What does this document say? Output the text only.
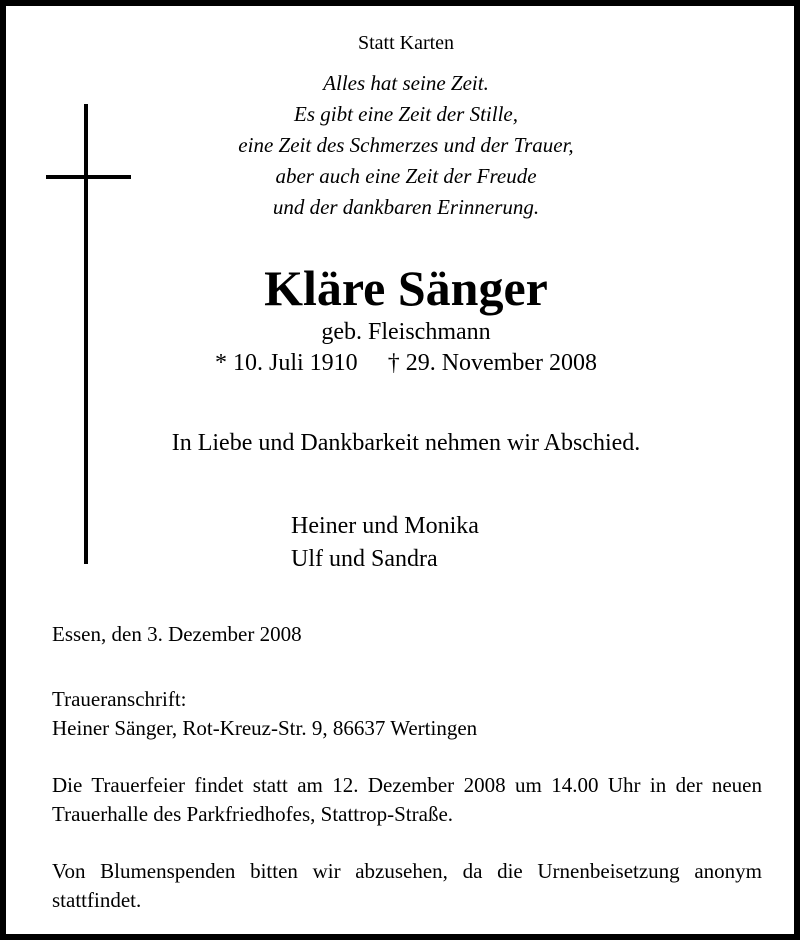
Statt Karten
Alles hat seine Zeit.
Es gibt eine Zeit der Stille,
eine Zeit des Schmerzes und der Trauer,
aber auch eine Zeit der Freude
und der dankbaren Erinnerung.
Kläre Sänger
geb. Fleischmann
* 10. Juli 1910 † 29. November 2008
In Liebe und Dankbarkeit nehmen wir Abschied.
Heiner und Monika
Ulf und Sandra
Essen, den 3. Dezember 2008
Traueranschrift:
Heiner Sänger, Rot-Kreuz-Str. 9, 86637 Wertingen
Die Trauerfeier findet statt am 12. Dezember 2008 um 14.00 Uhr in der neuen Trauerhalle des Parkfriedhofes, Stattrop-Straße.
Von Blumenspenden bitten wir abzusehen, da die Urnenbeisetzung anonym stattfindet.
